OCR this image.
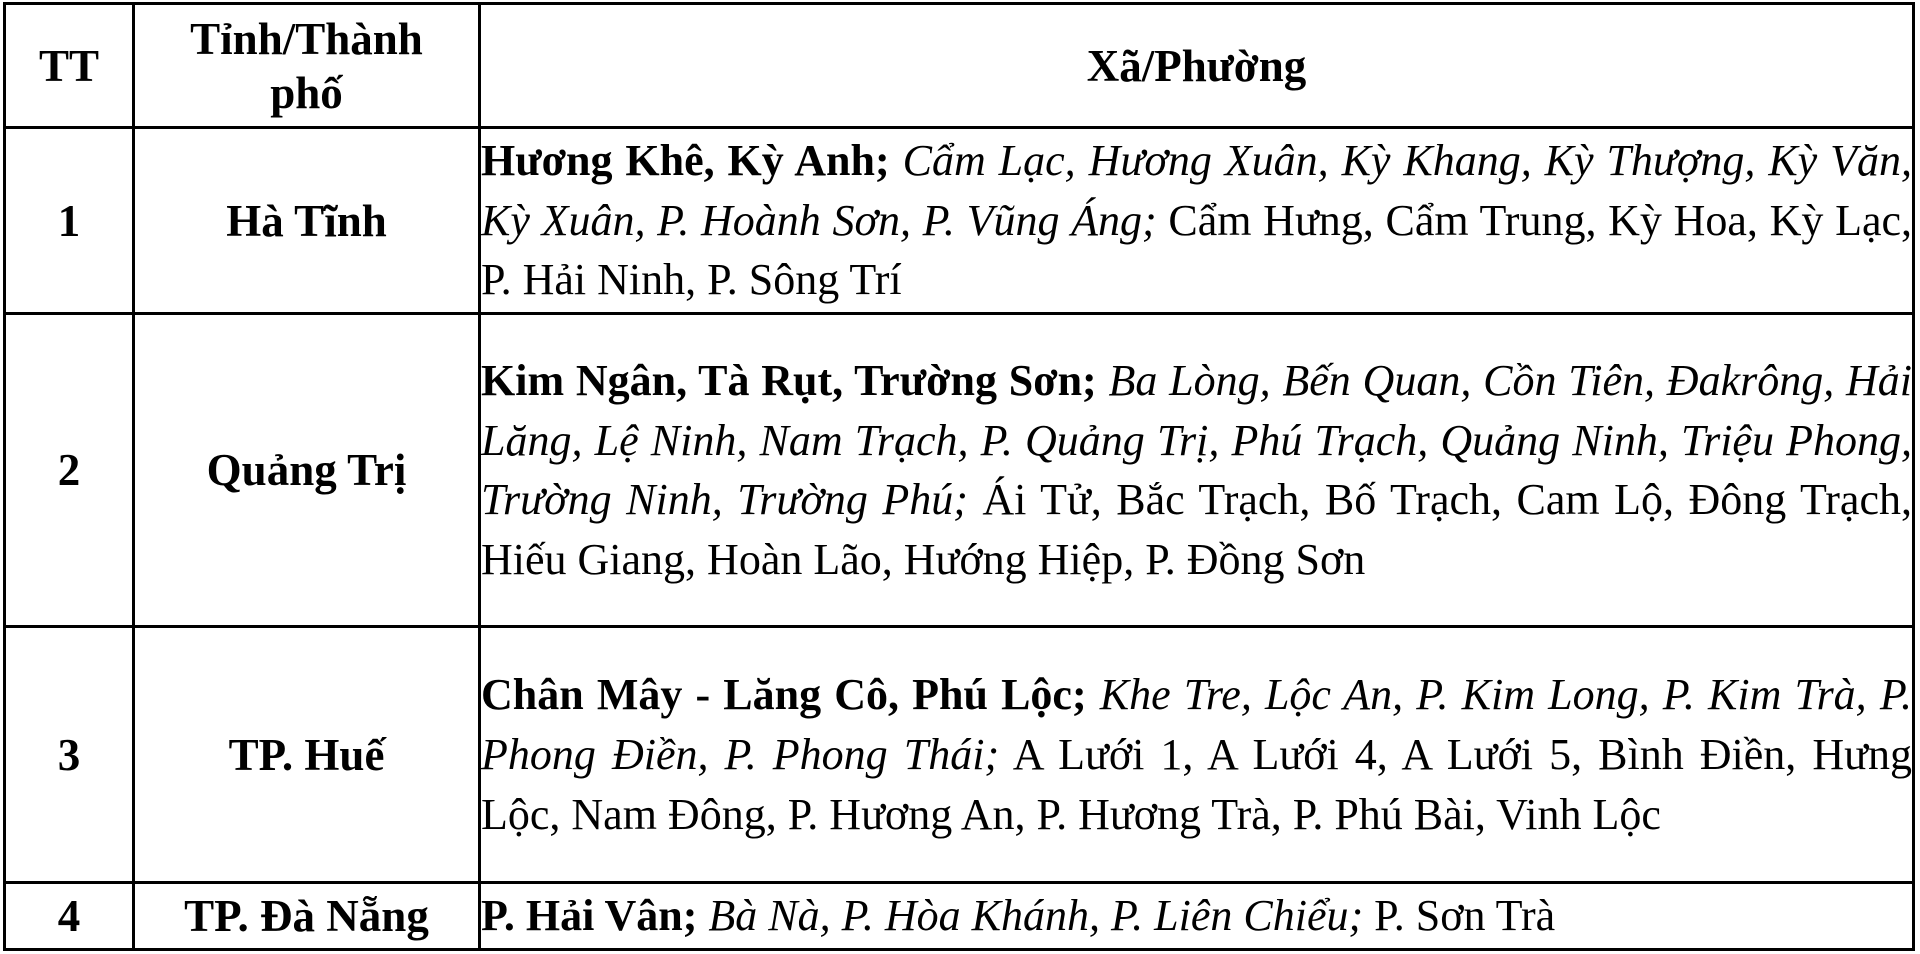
TT	Tỉnh/Thành phố	Xã/Phường
1	Hà Tĩnh	Hương Khê, Kỳ Anh; Cẩm Lạc, Hương Xuân, Kỳ Khang, Kỳ Thượng, Kỳ Văn, Kỳ Xuân, P. Hoành Sơn, P. Vũng Áng; Cẩm Hưng, Cẩm Trung, Kỳ Hoa, Kỳ Lạc, P. Hải Ninh, P. Sông Trí
2	Quảng Trị	Kim Ngân, Tà Rụt, Trường Sơn; Ba Lòng, Bến Quan, Cồn Tiên, Đakrông, Hải Lăng, Lệ Ninh, Nam Trạch, P. Quảng Trị, Phú Trạch, Quảng Ninh, Triệu Phong, Trường Ninh, Trường Phú; Ái Tử, Bắc Trạch, Bố Trạch, Cam Lộ, Đông Trạch, Hiếu Giang, Hoàn Lão, Hướng Hiệp, P. Đồng Sơn
3	TP. Huế	Chân Mây - Lăng Cô, Phú Lộc; Khe Tre, Lộc An, P. Kim Long, P. Kim Trà, P. Phong Điền, P. Phong Thái; A Lưới 1, A Lưới 4, A Lưới 5, Bình Điền, Hưng Lộc, Nam Đông, P. Hương An, P. Hương Trà, P. Phú Bài, Vinh Lộc
4	TP. Đà Nẵng	P. Hải Vân; Bà Nà, P. Hòa Khánh, P. Liên Chiểu; P. Sơn Trà
